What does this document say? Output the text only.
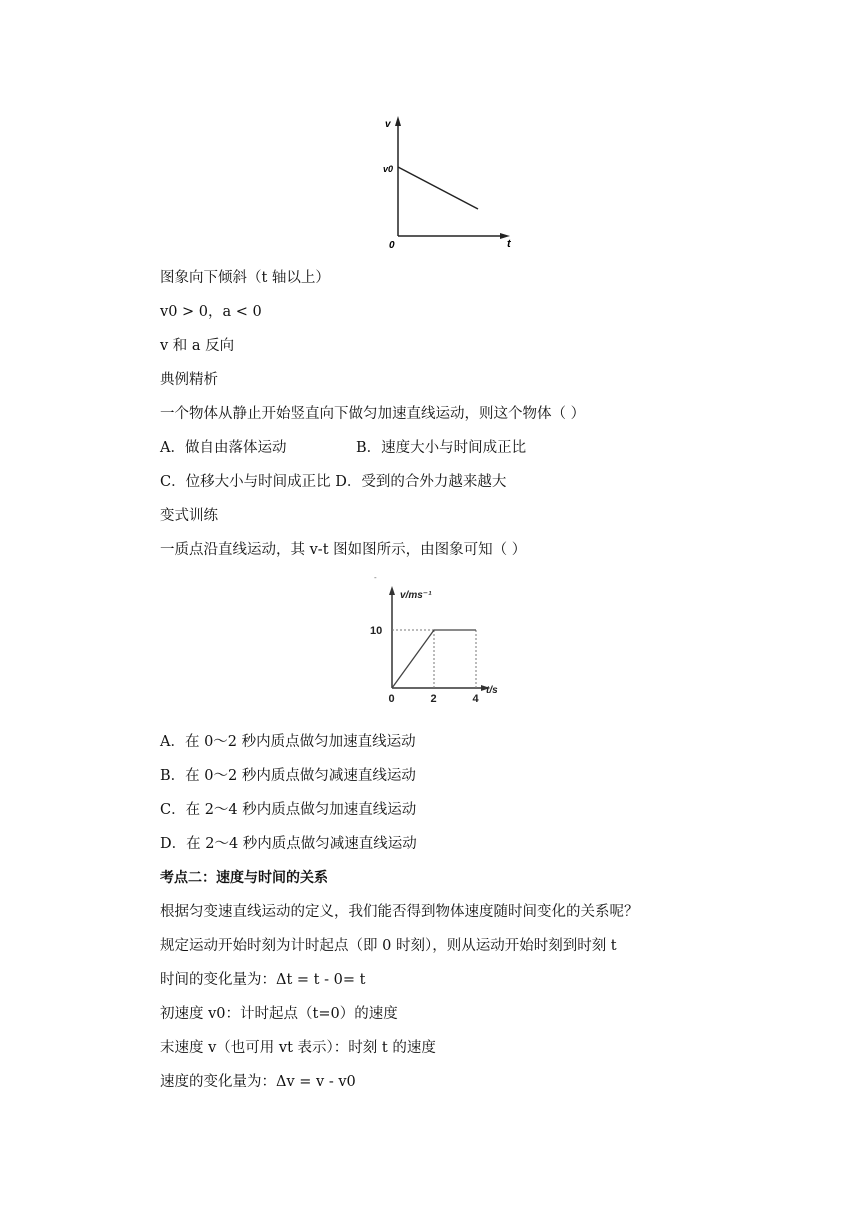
v
v0
0	t
图象向下倾斜（t 轴以上）
v0 > 0，a < 0
v 和 a 反向
典例精析
一个物体从静止开始竖直向下做匀加速直线运动，则这个物体（ ）
A．做自由落体运动	B．速度大小与时间成正比
C．位移大小与时间成正比 D．受到的合外力越来越大
变式训练
一质点沿直线运动，其 v-t 图如图所示，由图象可知（ ）
-
v/ms⁻¹
t/s
0	2	4
10
A．在 0～2 秒内质点做匀加速直线运动
B．在 0～2 秒内质点做匀减速直线运动
C．在 2～4 秒内质点做匀加速直线运动
D．在 2～4 秒内质点做匀减速直线运动
考点二：速度与时间的关系
根据匀变速直线运动的定义，我们能否得到物体速度随时间变化的关系呢？
规定运动开始时刻为计时起点（即 0 时刻），则从运动开始时刻到时刻 t
时间的变化量为：Δt = t - 0= t
初速度 v0：计时起点（t=0）的速度
末速度 v（也可用 vt 表示）：时刻 t 的速度
速度的变化量为：Δv = v - v0
